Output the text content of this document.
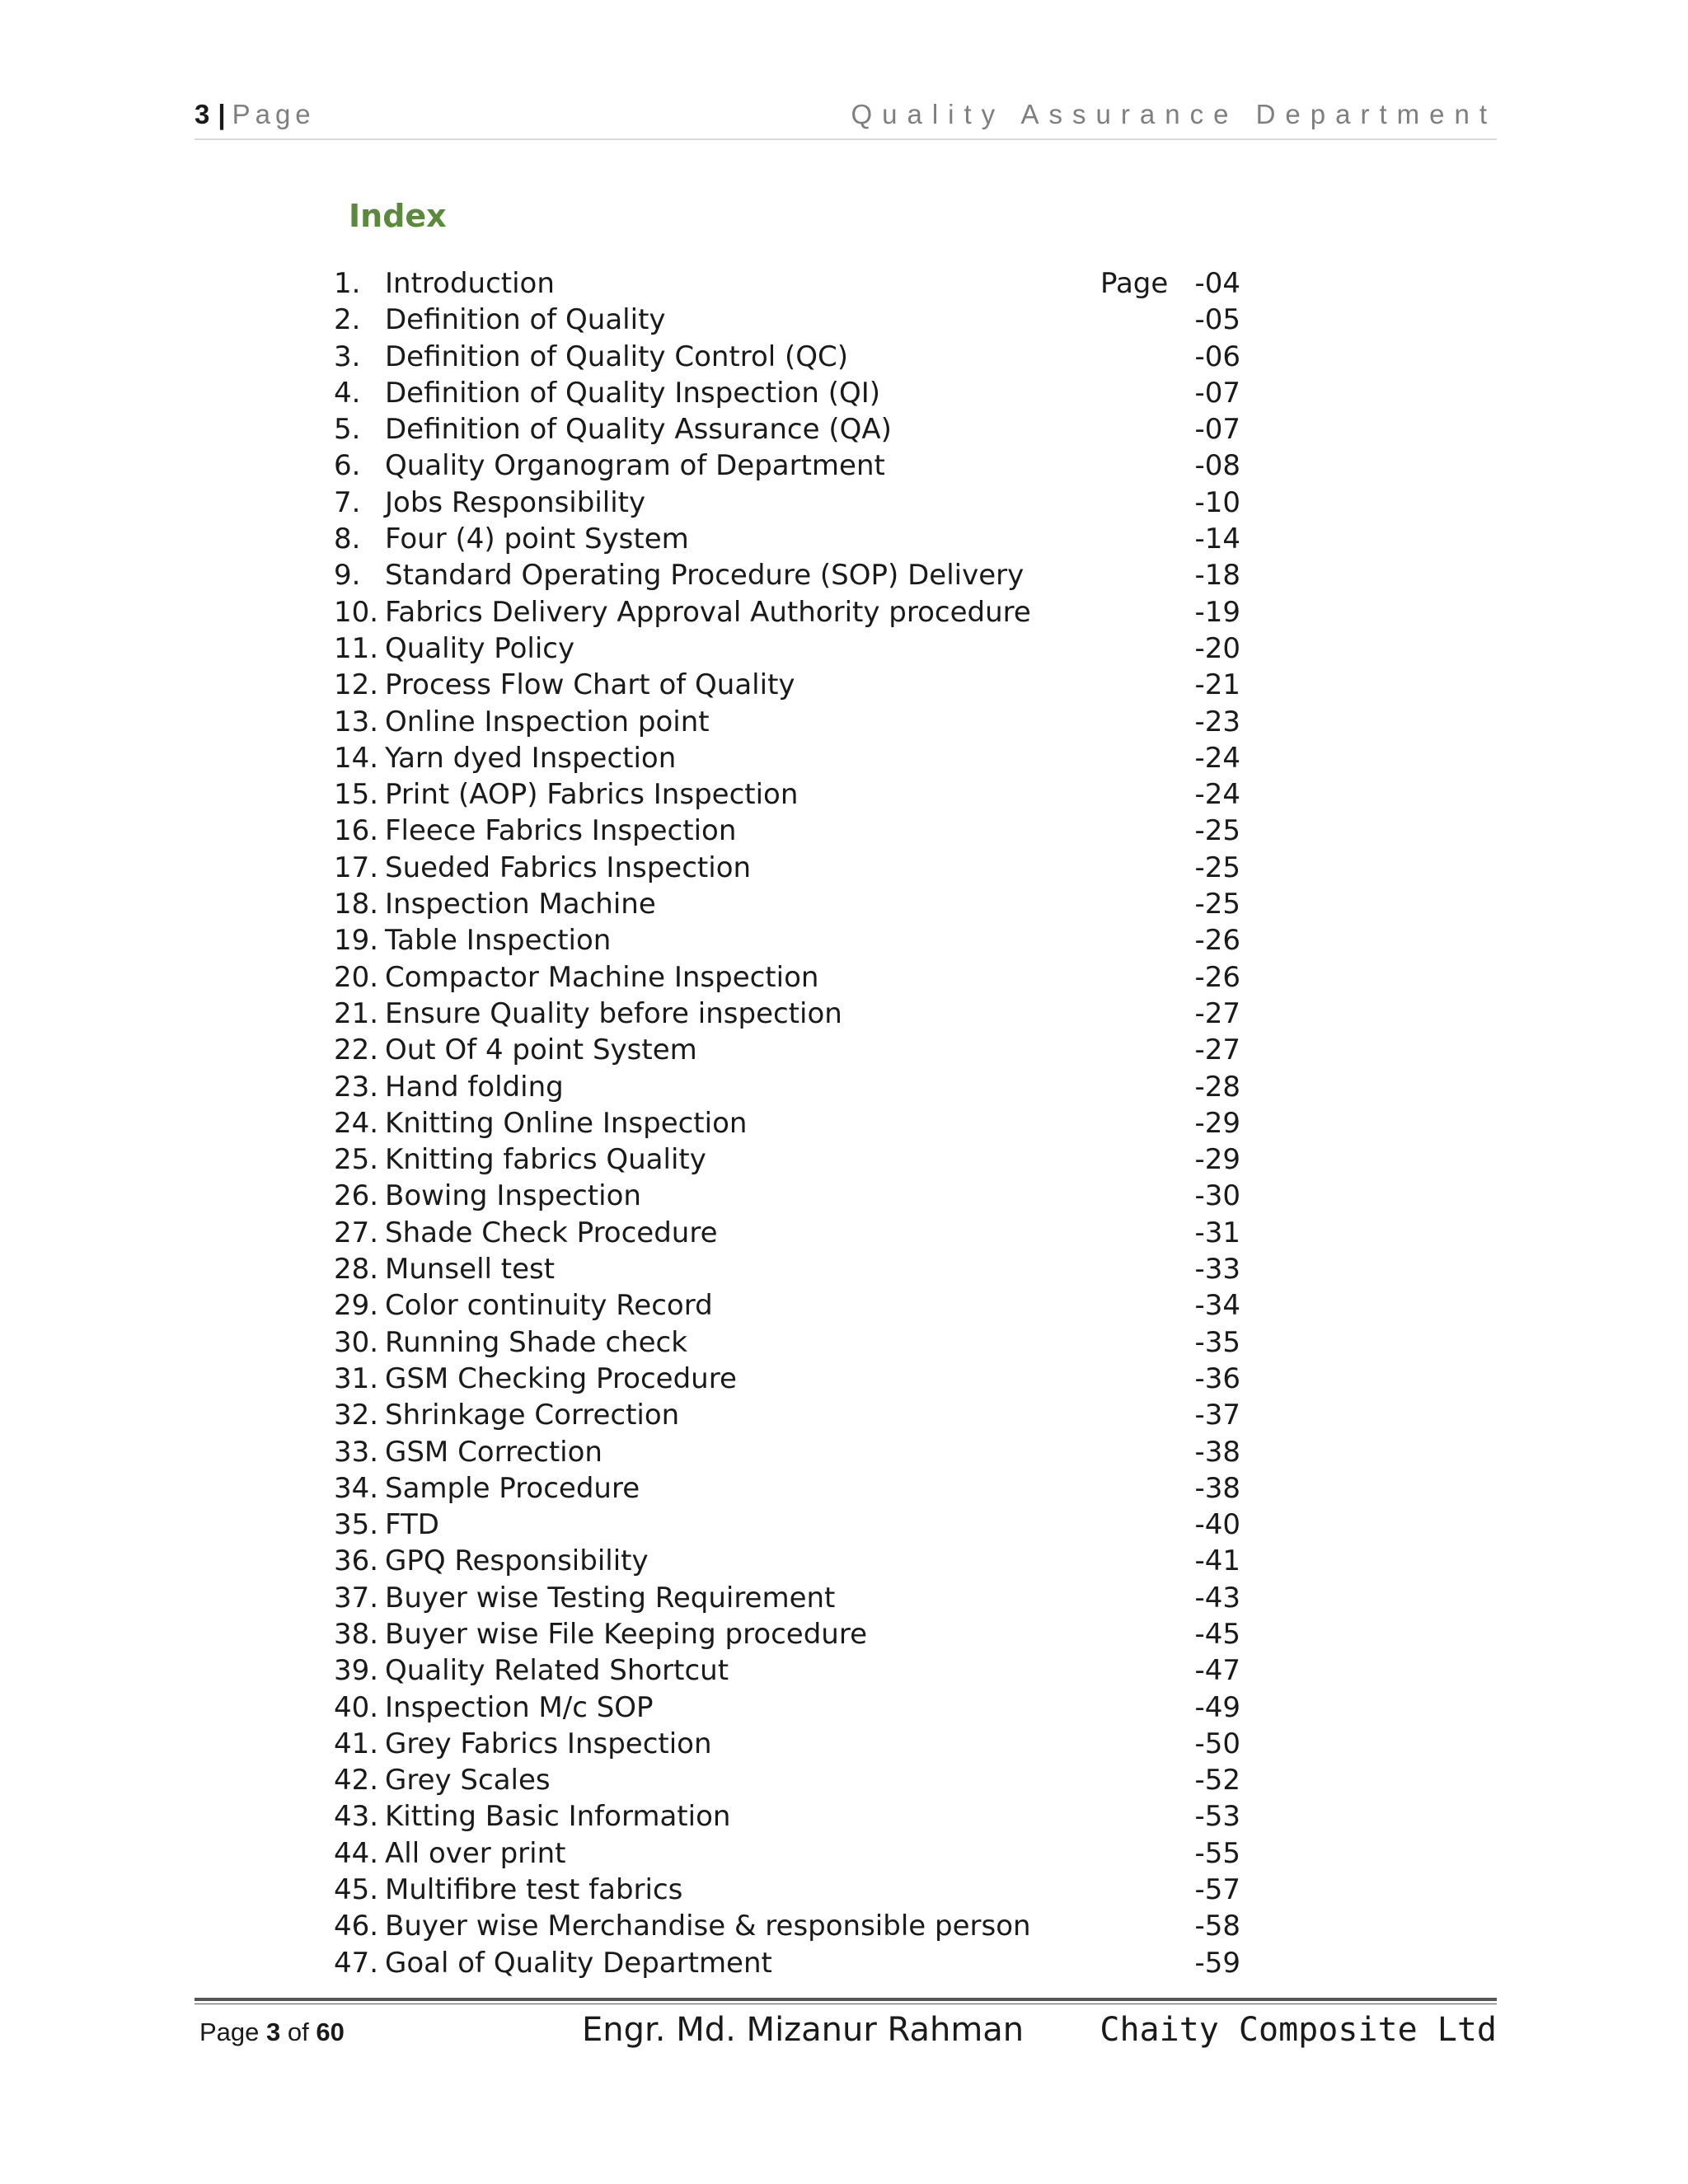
3 | Page	Quality Assurance Department
Index
1. Introduction	Page -04
2. Definition of Quality	-05
3. Definition of Quality Control (QC)	-06
4. Definition of Quality Inspection (QI)	-07
5. Definition of Quality Assurance (QA)	-07
6. Quality Organogram of Department	-08
7. Jobs Responsibility	-10
8. Four (4) point System	-14
9. Standard Operating Procedure (SOP) Delivery	-18
10. Fabrics Delivery Approval Authority procedure	-19
11. Quality Policy	-20
12. Process Flow Chart of Quality	-21
13. Online Inspection point	-23
14. Yarn dyed Inspection	-24
15. Print (AOP) Fabrics Inspection	-24
16. Fleece Fabrics Inspection	-25
17. Sueded Fabrics Inspection	-25
18. Inspection Machine	-25
19. Table Inspection	-26
20. Compactor Machine Inspection	-26
21. Ensure Quality before inspection	-27
22. Out Of 4 point System	-27
23. Hand folding	-28
24. Knitting Online Inspection	-29
25. Knitting fabrics Quality	-29
26. Bowing Inspection	-30
27. Shade Check Procedure	-31
28. Munsell test	-33
29. Color continuity Record	-34
30. Running Shade check	-35
31. GSM Checking Procedure	-36
32. Shrinkage Correction	-37
33. GSM Correction	-38
34. Sample Procedure	-38
35. FTD	-40
36. GPQ Responsibility	-41
37. Buyer wise Testing Requirement	-43
38. Buyer wise File Keeping procedure	-45
39. Quality Related Shortcut	-47
40. Inspection M/c SOP	-49
41. Grey Fabrics Inspection	-50
42. Grey Scales	-52
43. Kitting Basic Information	-53
44. All over print	-55
45. Multifibre test fabrics	-57
46. Buyer wise Merchandise & responsible person	-58
47. Goal of Quality Department	-59
Page 3 of 60	Engr. Md. Mizanur Rahman Chaity Composite Ltd
